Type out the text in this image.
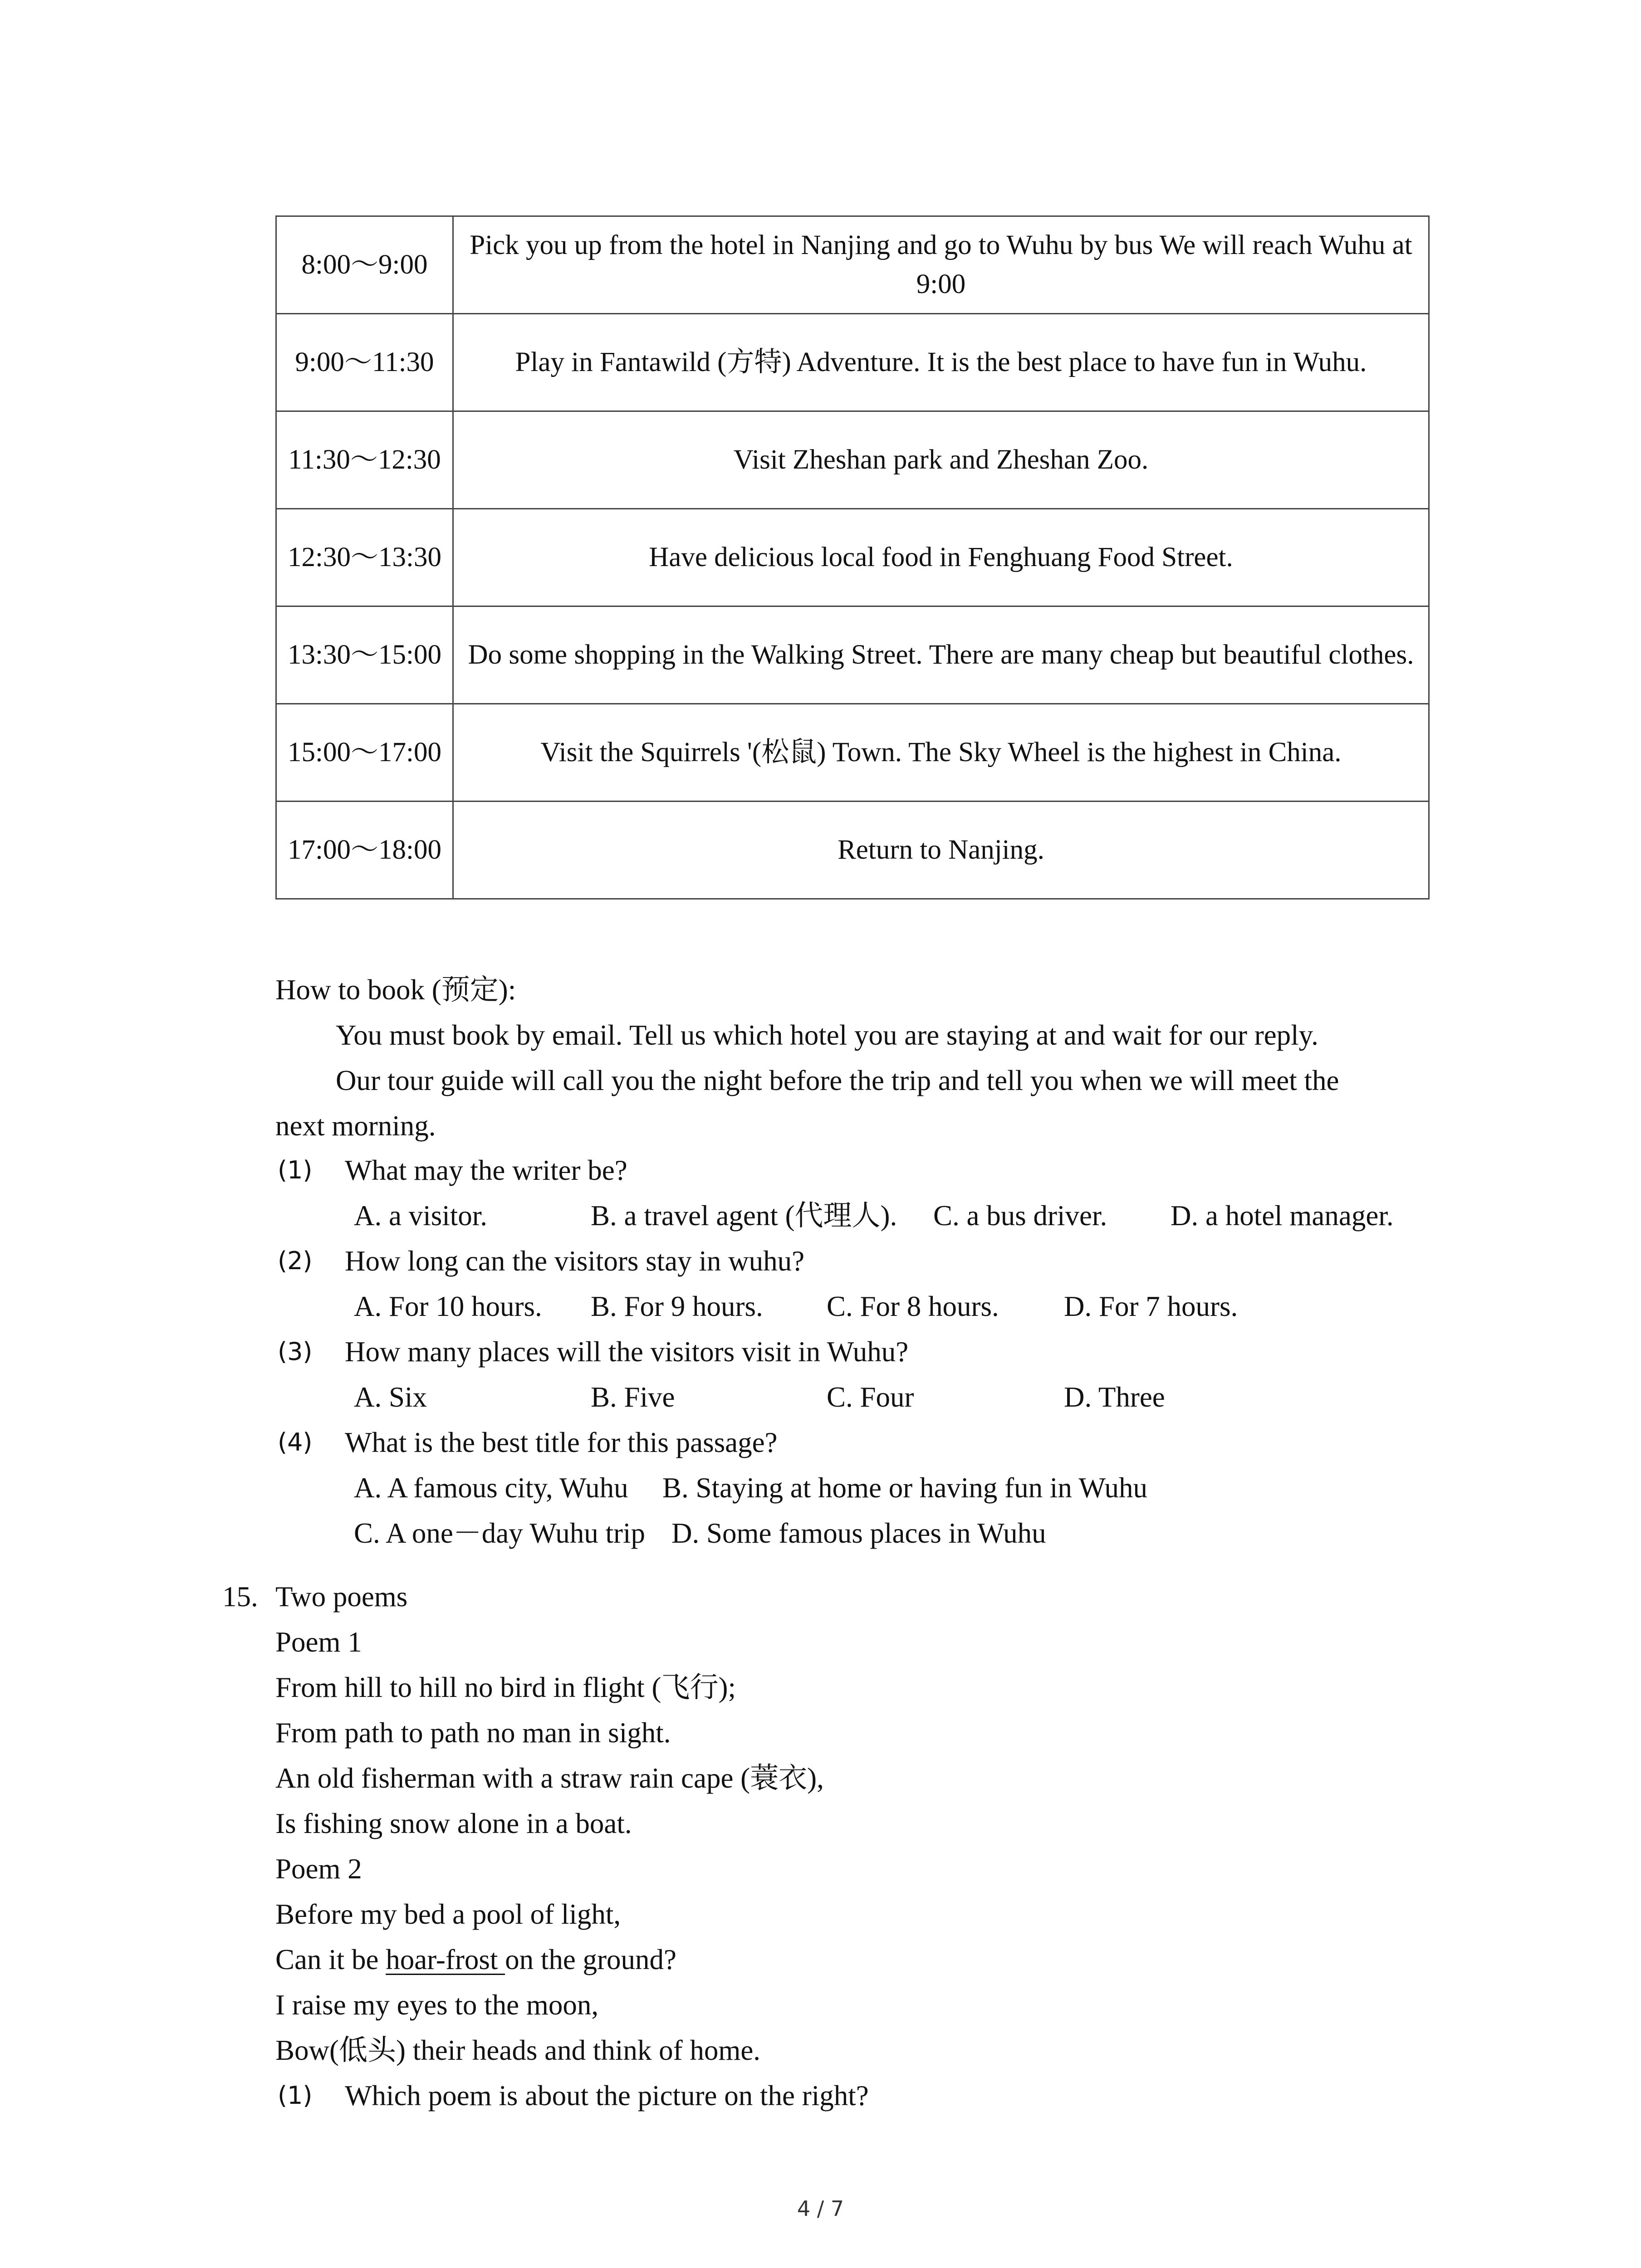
8:00～9:00	Pick you up from the hotel in Nanjing and go to Wuhu by bus We will reach Wuhu at 9:00
9:00～11:30	Play in Fantawild (方特) Adventure. It is the best place to have fun in Wuhu.
11:30～12:30	Visit Zheshan park and Zheshan Zoo.
12:30～13:30	Have delicious local food in Fenghuang Food Street.
13:30～15:00	Do some shopping in the Walking Street. There are many cheap but beautiful clothes.
15:00～17:00	Visit the Squirrels '(松鼠) Town. The Sky Wheel is the highest in China.
17:00～18:00	Return to Nanjing.
How to book (预定):
You must book by email. Tell us which hotel you are staying at and wait for our reply.
Our tour guide will call you the night before the trip and tell you when we will meet the
next morning.
(1) What may the writer be?
A. a visitor.	B. a travel agent (代理人). C. a bus driver. D. a hotel manager.
(2) How long can the visitors stay in wuhu?
A. For 10 hours. B. For 9 hours. C. For 8 hours. D. For 7 hours.
(3) How many places will the visitors visit in Wuhu?
A. Six	B. Five	C. Four	D. Three
(4) What is the best title for this passage?
A. A famous city, Wuhu B. Staying at home or having fun in Wuhu
C. A one－day Wuhu trip D. Some famous places in Wuhu
15. Two poems
Poem 1
From hill to hill no bird in flight (飞行);
From path to path no man in sight.
An old fisherman with a straw rain cape (蓑衣),
Is fishing snow alone in a boat.
Poem 2
Before my bed a pool of light,
Can it be hoar-frost on the ground?
I raise my eyes to the moon,
Bow(低头) their heads and think of home.
(1) Which poem is about the picture on the right?
4 / 7
